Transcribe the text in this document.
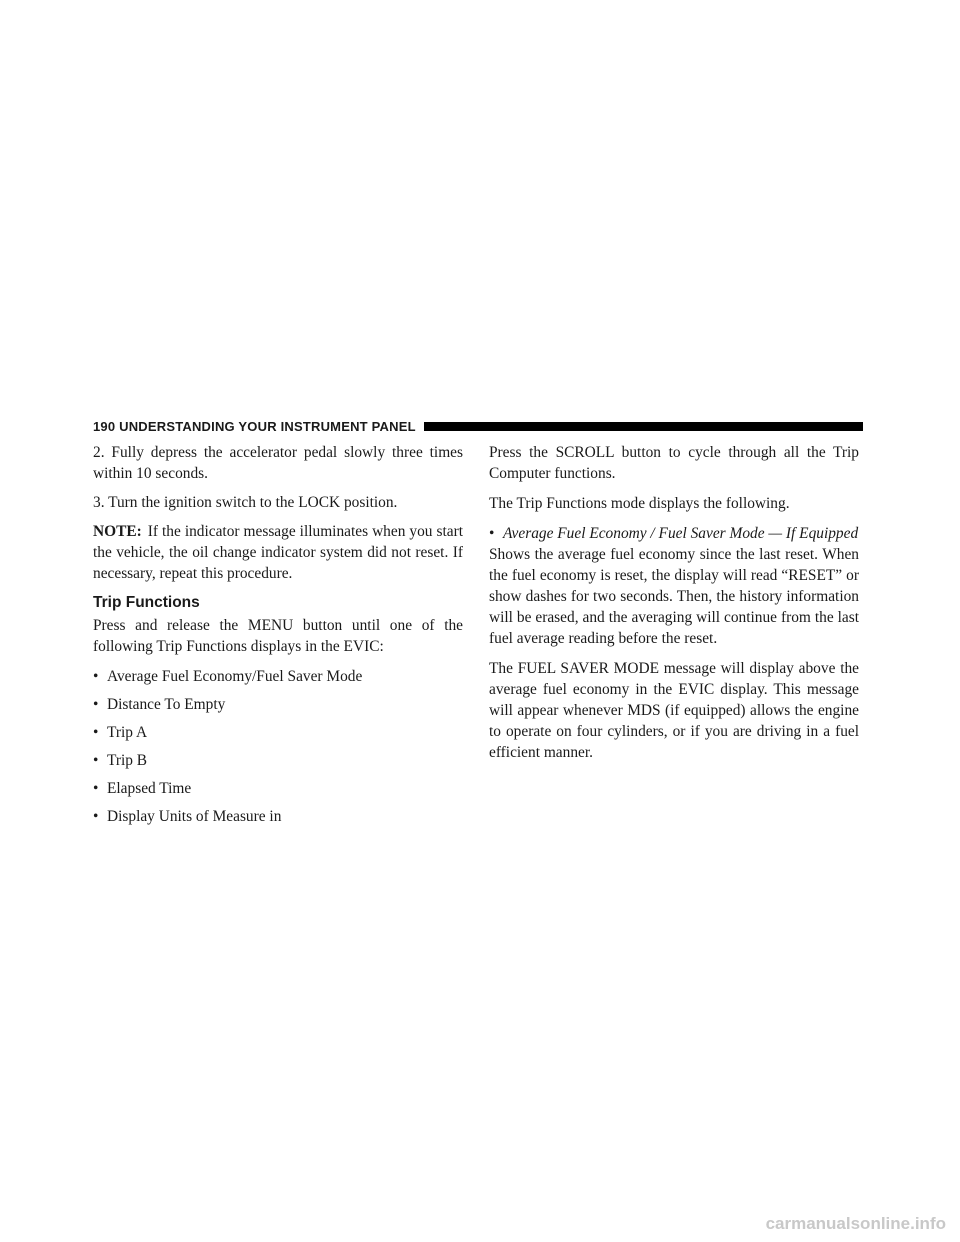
190 UNDERSTANDING YOUR INSTRUMENT PANEL

2. Fully depress the accelerator pedal slowly three times within 10 seconds.

3. Turn the ignition switch to the LOCK position.

NOTE: If the indicator message illuminates when you start the vehicle, the oil change indicator system did not reset. If necessary, repeat this procedure.

Trip Functions

Press and release the MENU button until one of the following Trip Functions displays in the EVIC:

• Average Fuel Economy/Fuel Saver Mode
• Distance To Empty
• Trip A
• Trip B
• Elapsed Time
• Display Units of Measure in

Press the SCROLL button to cycle through all the Trip Computer functions.

The Trip Functions mode displays the following.

• Average Fuel Economy / Fuel Saver Mode — If Equipped

Shows the average fuel economy since the last reset. When the fuel economy is reset, the display will read “RESET” or show dashes for two seconds. Then, the history information will be erased, and the averaging will continue from the last fuel average reading before the reset.

The FUEL SAVER MODE message will display above the average fuel economy in the EVIC display. This message will appear whenever MDS (if equipped) allows the engine to operate on four cylinders, or if you are driving in a fuel efficient manner.

carmanualsonline.info
